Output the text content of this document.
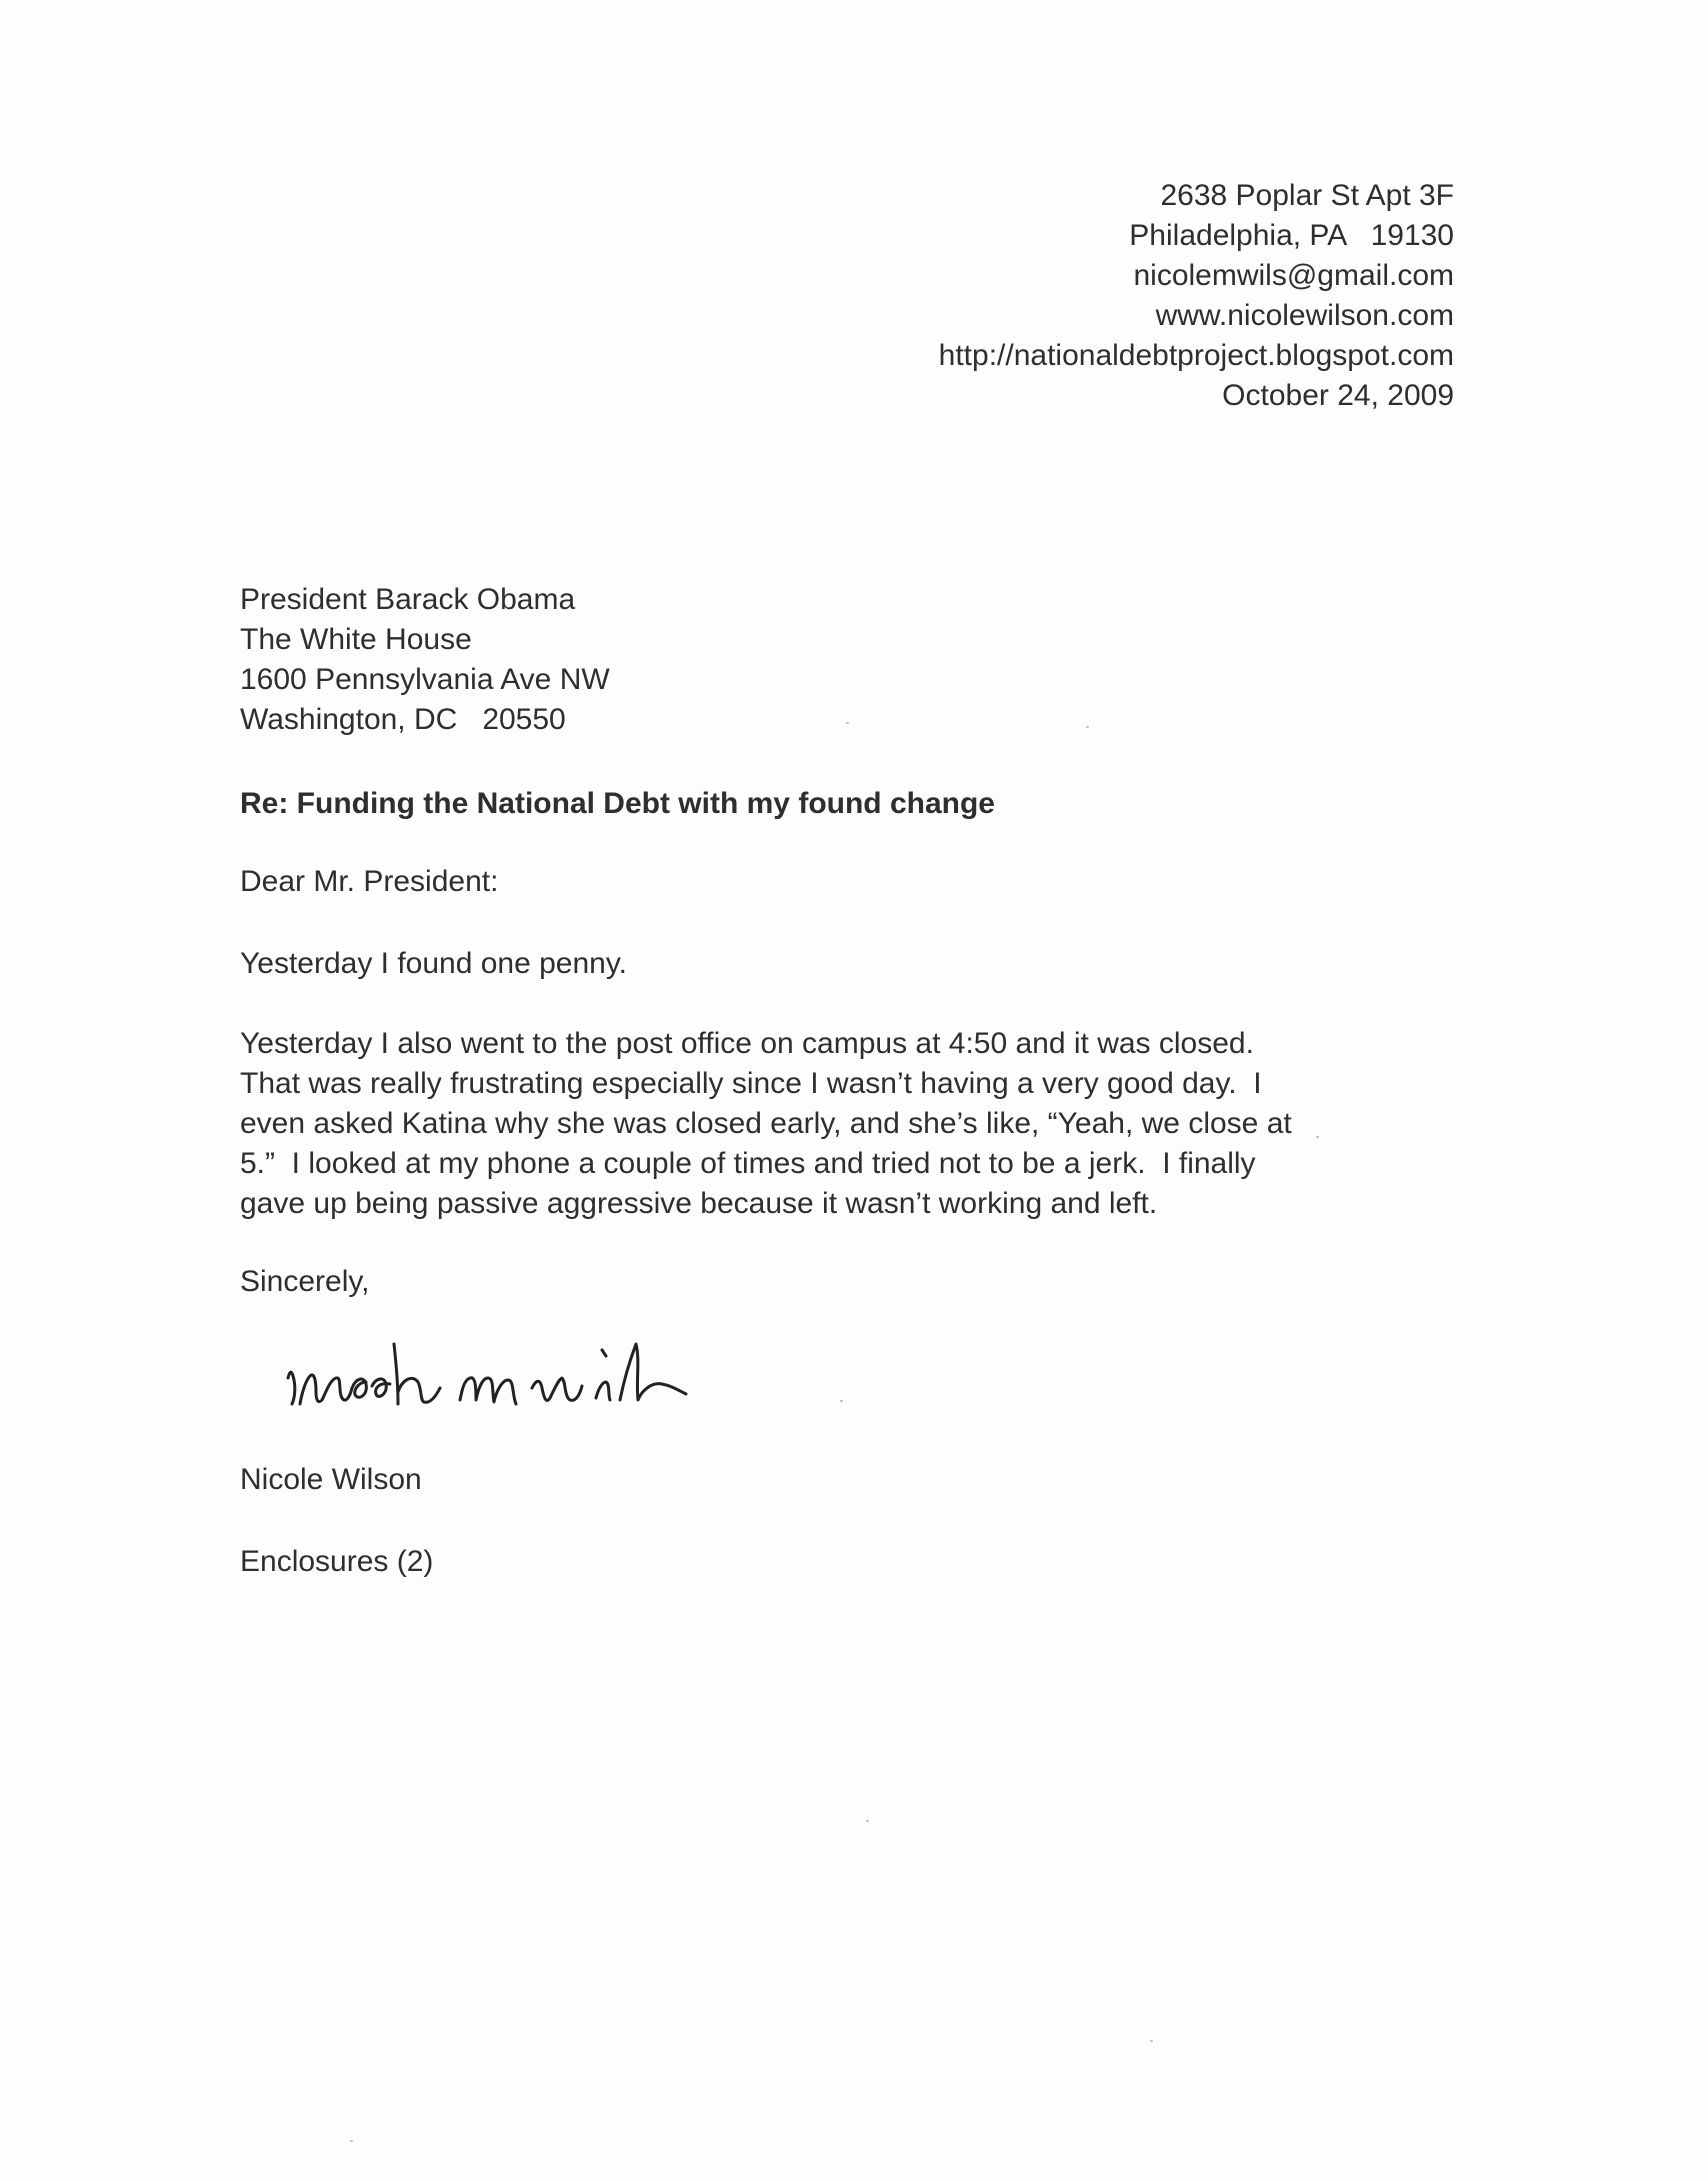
2638 Poplar St Apt 3F
Philadelphia, PA   19130
nicolemwils@gmail.com
www.nicolewilson.com
http://nationaldebtproject.blogspot.com
October 24, 2009
President Barack Obama
The White House
1600 Pennsylvania Ave NW
Washington, DC   20550
Re: Funding the National Debt with my found change
Dear Mr. President:
Yesterday I found one penny.
Yesterday I also went to the post office on campus at 4:50 and it was closed.
That was really frustrating especially since I wasn’t having a very good day.  I
even asked Katina why she was closed early, and she’s like, “Yeah, we close at
5.”  I looked at my phone a couple of times and tried not to be a jerk.  I finally
gave up being passive aggressive because it wasn’t working and left.
Sincerely,
Nicole Wilson
Enclosures (2)
